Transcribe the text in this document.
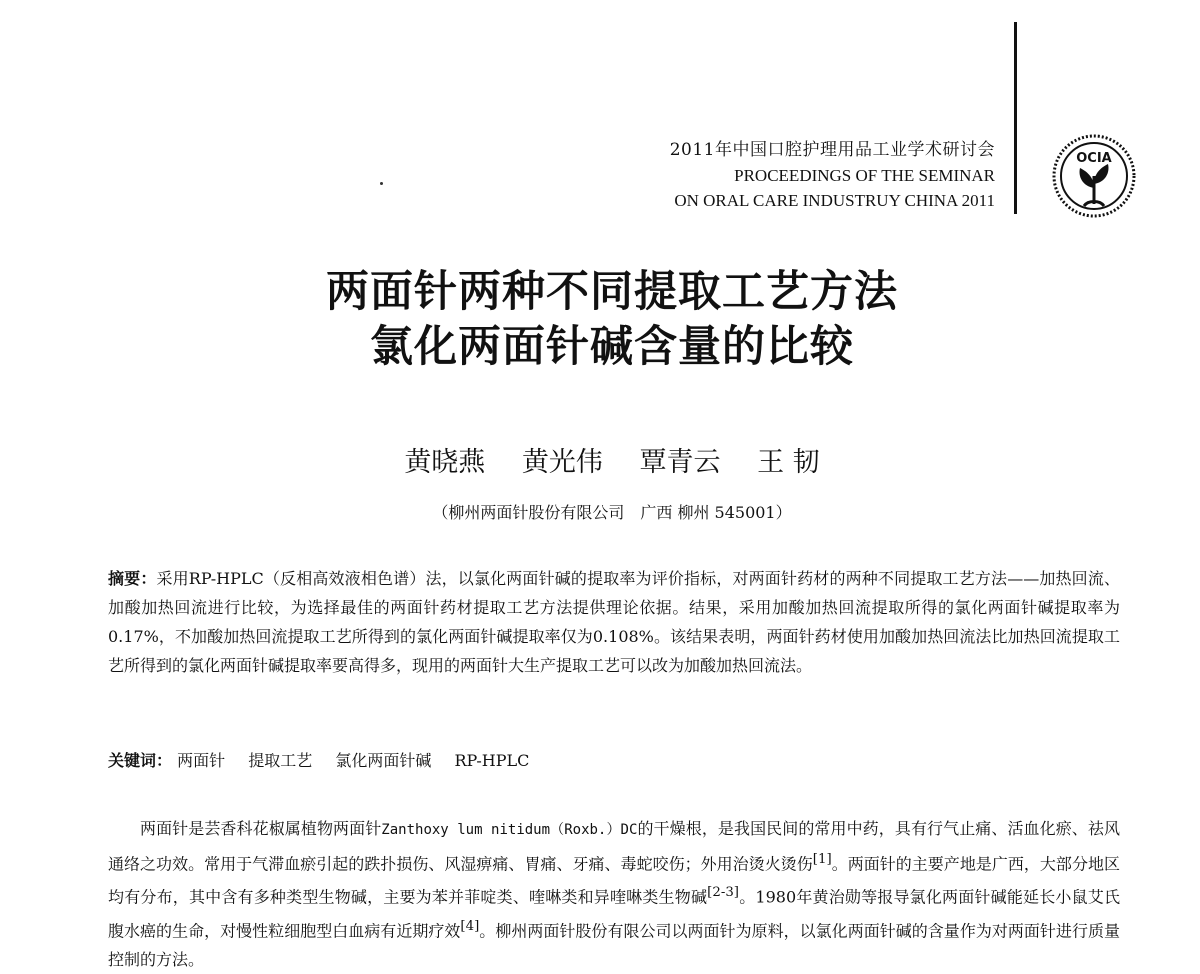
2011年中国口腔护理用品工业学术研讨会
PROCEEDINGS OF THE SEMINAR
ON ORAL CARE INDUSTRUY CHINA 2011
OCIA
两面针两种不同提取工艺方法
氯化两面针碱含量的比较
黄晓燕 黄光伟 覃青云 王 韧
（柳州两面针股份有限公司　广西 柳州 545001）
摘要：采用RP-HPLC（反相高效液相色谱）法，以氯化两面针碱的提取率为评价指标，对两面针药材的两种不同提取工艺方法——加热回流、加酸加热回流进行比较，为选择最佳的两面针药材提取工艺方法提供理论依据。结果，采用加酸加热回流提取所得的氯化两面针碱提取率为0.17%，不加酸加热回流提取工艺所得到的氯化两面针碱提取率仅为0.108%。该结果表明，两面针药材使用加酸加热回流法比加热回流提取工艺所得到的氯化两面针碱提取率要高得多，现用的两面针大生产提取工艺可以改为加酸加热回流法。
关键词： 两面针 提取工艺 氯化两面针碱 RP-HPLC
两面针是芸香科花椒属植物两面针Zanthoxy lum nitidum（Roxb.）DC的干燥根，是我国民间的常用中药，具有行气止痛、活血化瘀、祛风通络之功效。常用于气滞血瘀引起的跌扑损伤、风湿痹痛、胃痛、牙痛、毒蛇咬伤；外用治烫火烫伤[1]。两面针的主要产地是广西，大部分地区均有分布，其中含有多种类型生物碱，主要为苯并菲啶类、喹啉类和异喹啉类生物碱[2-3]。1980年黄治勋等报导氯化两面针碱能延长小鼠艾氏腹水癌的生命，对慢性粒细胞型白血病有近期疗效[4]。柳州两面针股份有限公司以两面针为原料，以氯化两面针碱的含量作为对两面针进行质量控制的方法。
